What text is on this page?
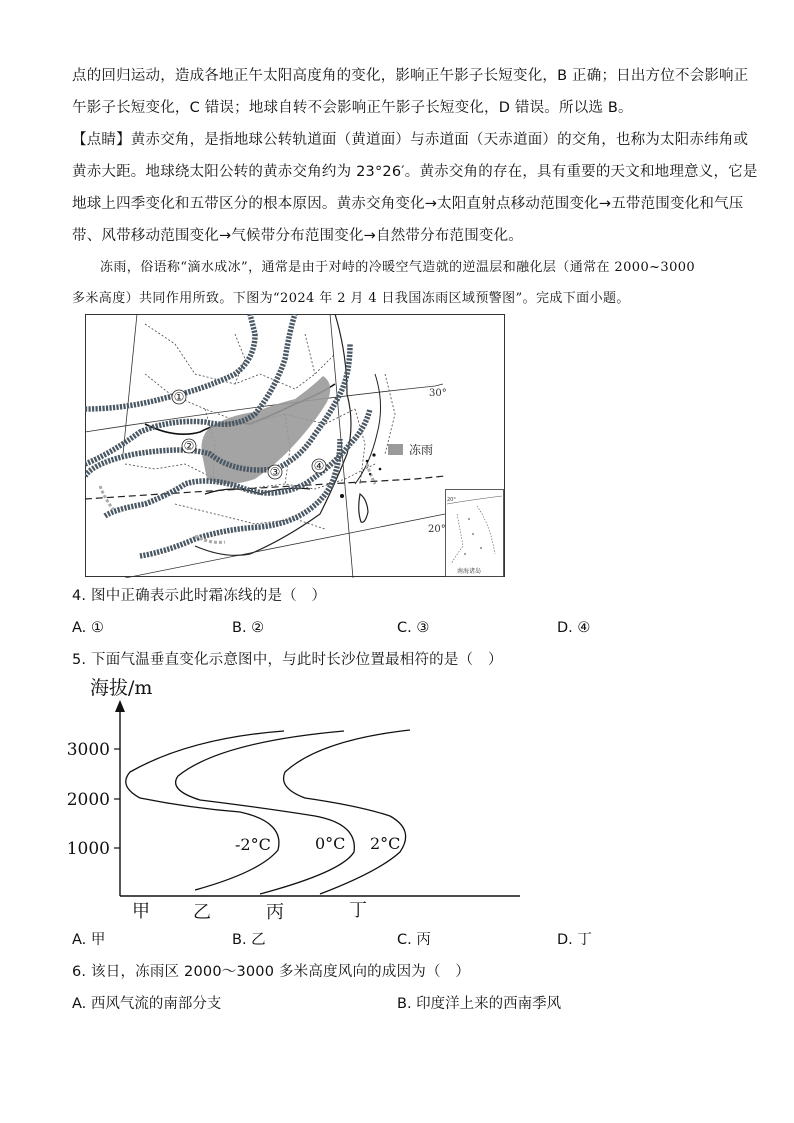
点的回归运动，造成各地正午太阳高度角的变化，影响正午影子长短变化，B 正确；日出方位不会影响正
午影子长短变化，C 错误；地球自转不会影响正午影子长短变化，D 错误。所以选 B。
【点睛】黄赤交角，是指地球公转轨道面（黄道面）与赤道面（天赤道面）的交角，也称为太阳赤纬角或
黄赤大距。地球绕太阳公转的黄赤交角约为 23°26′。黄赤交角的存在，具有重要的天文和地理意义，它是
地球上四季变化和五带区分的根本原因。黄赤交角变化→太阳直射点移动范围变化→五带范围变化和气压
带、风带移动范围变化→气候带分布范围变化→自然带分布范围变化。
冻雨，俗语称“滴水成冰”，通常是由于对峙的冷暖空气造就的逆温层和融化层（通常在 2000~3000
多米高度）共同作用所致。下图为“2024 年 2 月 4 日我国冻雨区域预警图”。完成下面小题。
30°
20°
①
②
③	④
冻雨
20°
南海诸岛
4. 图中正确表示此时霜冻线的是（　）
A. ①	B. ②	C. ③	D. ④
5. 下面气温垂直变化示意图中，与此时长沙位置最相符的是（　）
海拔/m
3000
2000
1000	-2°C	0°C 2°C
甲 乙	丙	丁
A. 甲	B. 乙	C. 丙	D. 丁
6. 该日，冻雨区 2000～3000 多米高度风向的成因为（　）
A. 西风气流的南部分支	B. 印度洋上来的西南季风
